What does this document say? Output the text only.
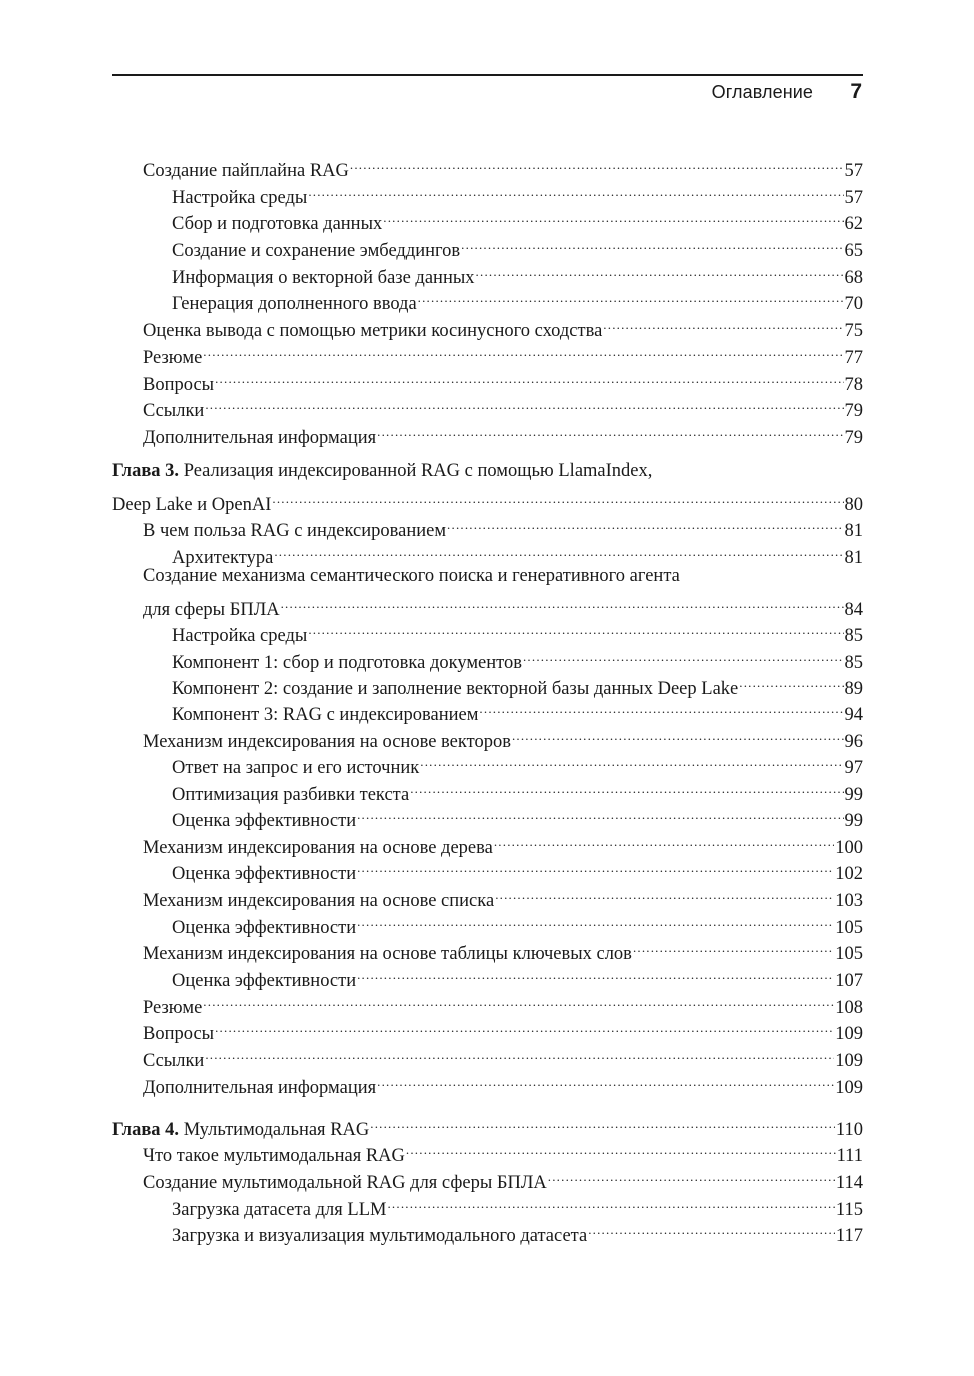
Оглавление 7
Создание пайплайна RAG .....	57
Настройка среды .....	57
Сбор и подготовка данных .....	62
Создание и сохранение эмбеддингов .....	65
Информация о векторной базе данных .....	68
Генерация дополненного ввода .....	70
Оценка вывода с помощью метрики косинусного сходства .....	75
Резюме .....	77
Вопросы .....	78
Ссылки .....	79
Дополнительная информация .....	79
Глава 3. Реализация индексированной RAG с помощью LlamaIndex,
Deep Lake и OpenAI .....	80
В чем польза RAG с индексированием .....	81
Архитектура .....	81
Создание механизма семантического поиска и генеративного агента
для сферы БПЛА .....	84
Настройка среды .....	85
Компонент 1: сбор и подготовка документов .....	85
Компонент 2: создание и заполнение векторной базы данных Deep Lake .....	89
Компонент 3: RAG с индексированием .....	94
Механизм индексирования на основе векторов .....	96
Ответ на запрос и его источник .....	97
Оптимизация разбивки текста .....	99
Оценка эффективности .....	99
Механизм индексирования на основе дерева .....	100
Оценка эффективности .....	102
Механизм индексирования на основе списка .....	103
Оценка эффективности .....	105
Механизм индексирования на основе таблицы ключевых слов .....	105
Оценка эффективности .....	107
Резюме .....	108
Вопросы .....	109
Ссылки .....	109
Дополнительная информация .....	109
Глава 4. Мультимодальная RAG .....	110
Что такое мультимодальная RAG .....	111
Создание мультимодальной RAG для сферы БПЛА .....	114
Загрузка датасета для LLM .....	115
Загрузка и визуализация мультимодального датасета .....	117
